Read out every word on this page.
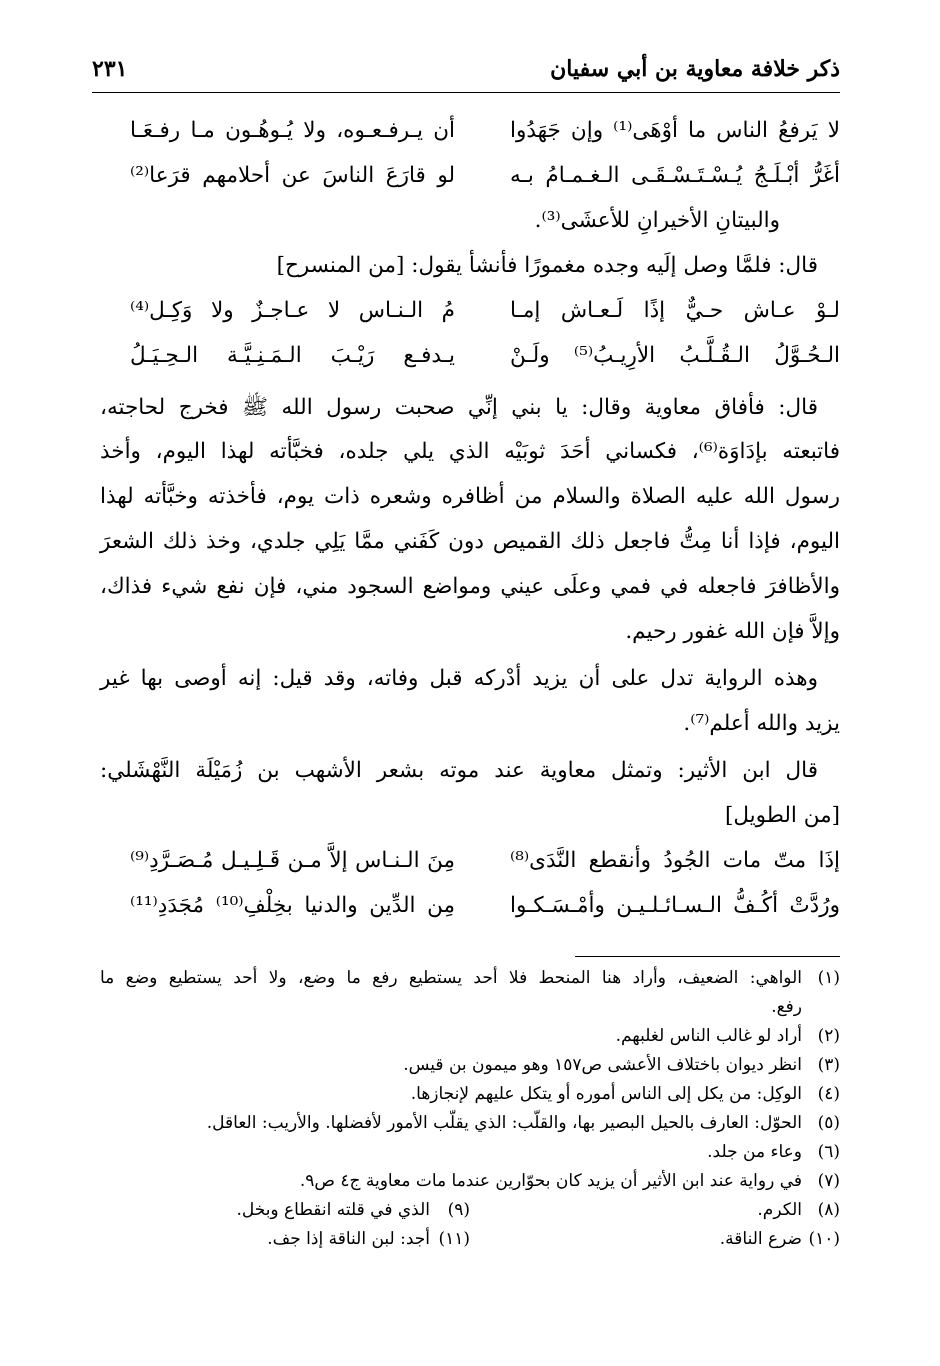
ذكر خلافة معاوية بن أبي سفيان
٢٣١
لا يَرفعُ الناس ما أوْهَى⁽¹⁾ وإن جَهَدُوا
أن يـرفـعـوه، ولا يُـوهُـون مـا رفـعَـا
أغَرُّ أبْـلَـجُ يُـسْـتَـسْـقَـى الـغـمـامُ بـه
لو قارَعَ الناسَ عن أحلامهم قرَعا⁽²⁾
والبيتانِ الأخيرانِ للأعشَى⁽³⁾.
قال: فلمَّا وصل إلَيه وجده مغمورًا فأنشأ يقول: [من المنسرح]
لـوْ عـاش حـيٌّ إذًا لَـعـاش إمـا
مُ الـنـاس لا عـاجـزٌ ولا وَكِـل⁽⁴⁾
الـحُـوَّلُ الـقُـلَّـبُ الأرِيـبُ⁽⁵⁾ ولَـنْ
يـدفـع رَيْـبَ الـمَـنِـيَّـة الـحِـيَـلُ
قال: فأفاق معاوية وقال: يا بني إنِّي صحبت رسول الله ﷺ فخرج لحاجته،
فاتبعته بإدَاوَة⁽⁶⁾، فكساني أحَدَ ثوبَيْه الذي يلي جلده، فخبَّأته لهذا اليوم، وأخذ
رسول الله عليه الصلاة والسلام من أظافره وشعره ذات يوم، فأخذته وخبَّأته لهذا
اليوم، فإذا أنا مِتُّ فاجعل ذلك القميص دون كَفَني ممَّا يَلِي جلدي، وخذ ذلك الشعرَ
والأظافرَ فاجعله في فمي وعلَى عيني ومواضع السجود مني، فإن نفع شيء فذاك،
وإلاَّ فإن الله غفور رحيم.
وهذه الرواية تدل على أن يزيد أدْركه قبل وفاته، وقد قيل: إنه أوصى بها غير
يزيد والله أعلم⁽⁷⁾.
قال ابن الأثير: وتمثل معاوية عند موته بشعر الأشهب بن زُمَيْلَة النَّهْشَلي:
[من الطويل]
إذَا متّ مات الجُودُ وأنقطع النَّدَى⁽⁸⁾
مِنَ الـنـاس إلاَّ مـن قَـلِـيـل مُـصَـرَّدِ⁽⁹⁾
ورُدَّتْ أكُـفُّ الـسـائـلـيـن وأمْـسَـكـوا
مِن الدِّين والدنيا بخِلْفِ⁽¹⁰⁾ مُجَدَدِ⁽¹¹⁾
(١)
الواهي: الضعيف، وأراد هنا المنحط فلا أحد يستطيع رفع ما وضع، ولا أحد يستطيع وضع ما
رفع.
(٢)
أراد لو غالب الناس لغلبهم.
(٣)
انظر ديوان باختلاف الأعشى ص١٥٧ وهو ميمون بن قيس.
(٤)
الوكِل: من يكل إلى الناس أموره أو يتكل عليهم لإنجازها.
(٥)
الحوّل: العارف بالحيل البصير بها، والقلّب: الذي يقلّب الأمور لأفضلها. والأريب: العاقل.
(٦)
وعاء من جلد.
(٧)
في رواية عند ابن الأثير أن يزيد كان بحوّارين عندما مات معاوية ج٤ ص٩.
(٨)
الكرم.
(٩)
الذي في قلته انقطاع وبخل.
(١٠)
ضرع الناقة.
(١١)
أجد: لبن الناقة إذا جف.
